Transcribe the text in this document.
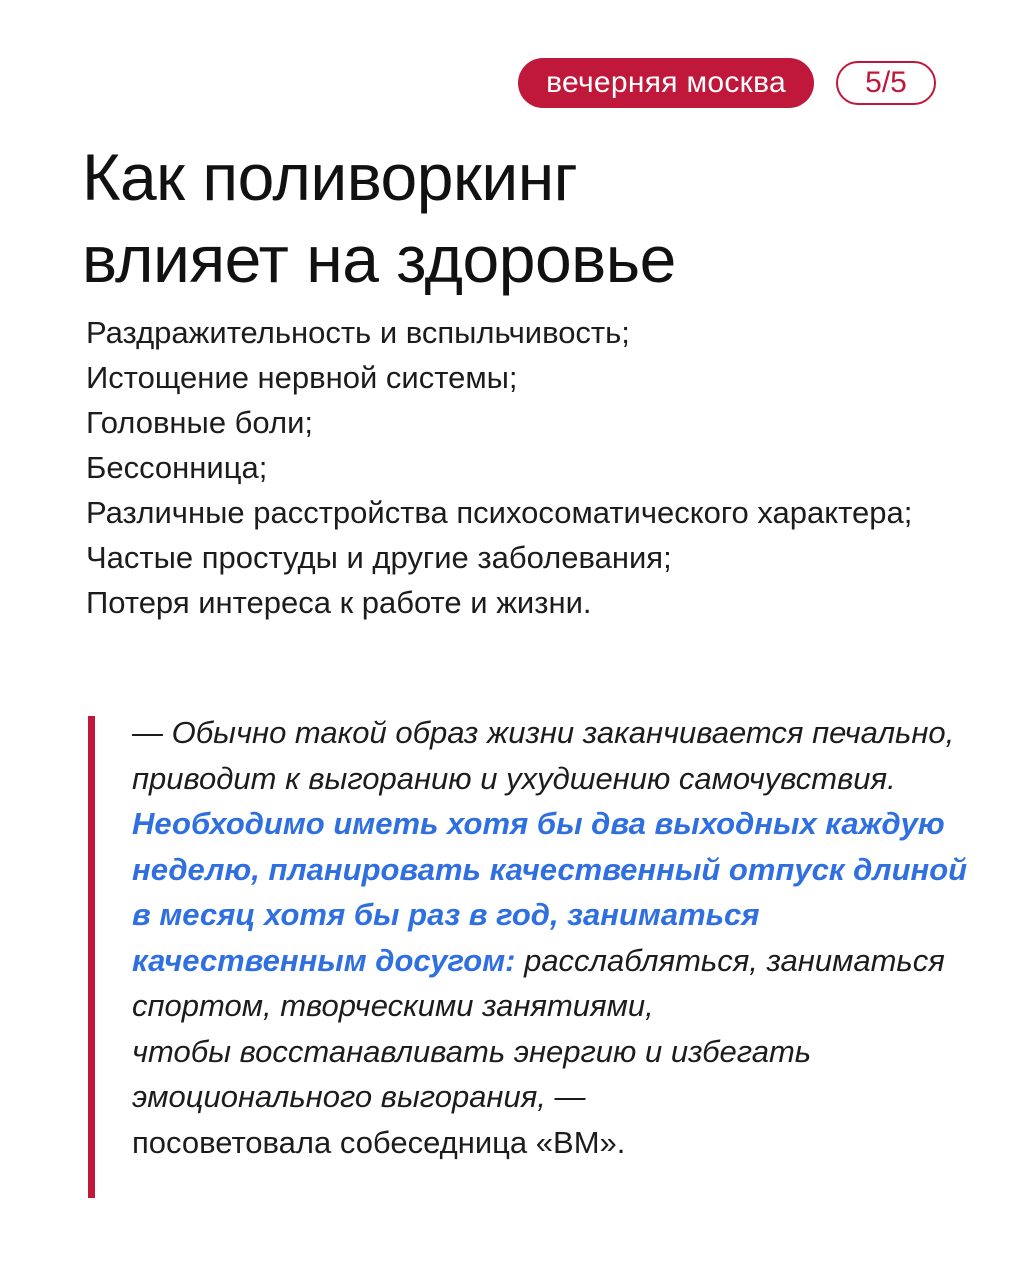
вечерняя москва	5/5
Как поливоркинг
влияет на здоровье
Раздражительность и вспыльчивость;
Истощение нервной системы;
Головные боли;
Бессонница;
Различные расстройства психосоматического характера;
Частые простуды и другие заболевания;
Потеря интереса к работе и жизни.

— Обычно такой образ жизни заканчивается печально, приводит к выгоранию и ухудшению самочувствия. Необходимо иметь хотя бы два выходных каждую неделю, планировать качественный отпуск длиной в месяц хотя бы раз в год, заниматься качественным досугом: расслабляться, заниматься спортом, творческими занятиями,
чтобы восстанавливать энергию и избегать эмоционального выгорания, —
посоветовала собеседница «ВМ».
